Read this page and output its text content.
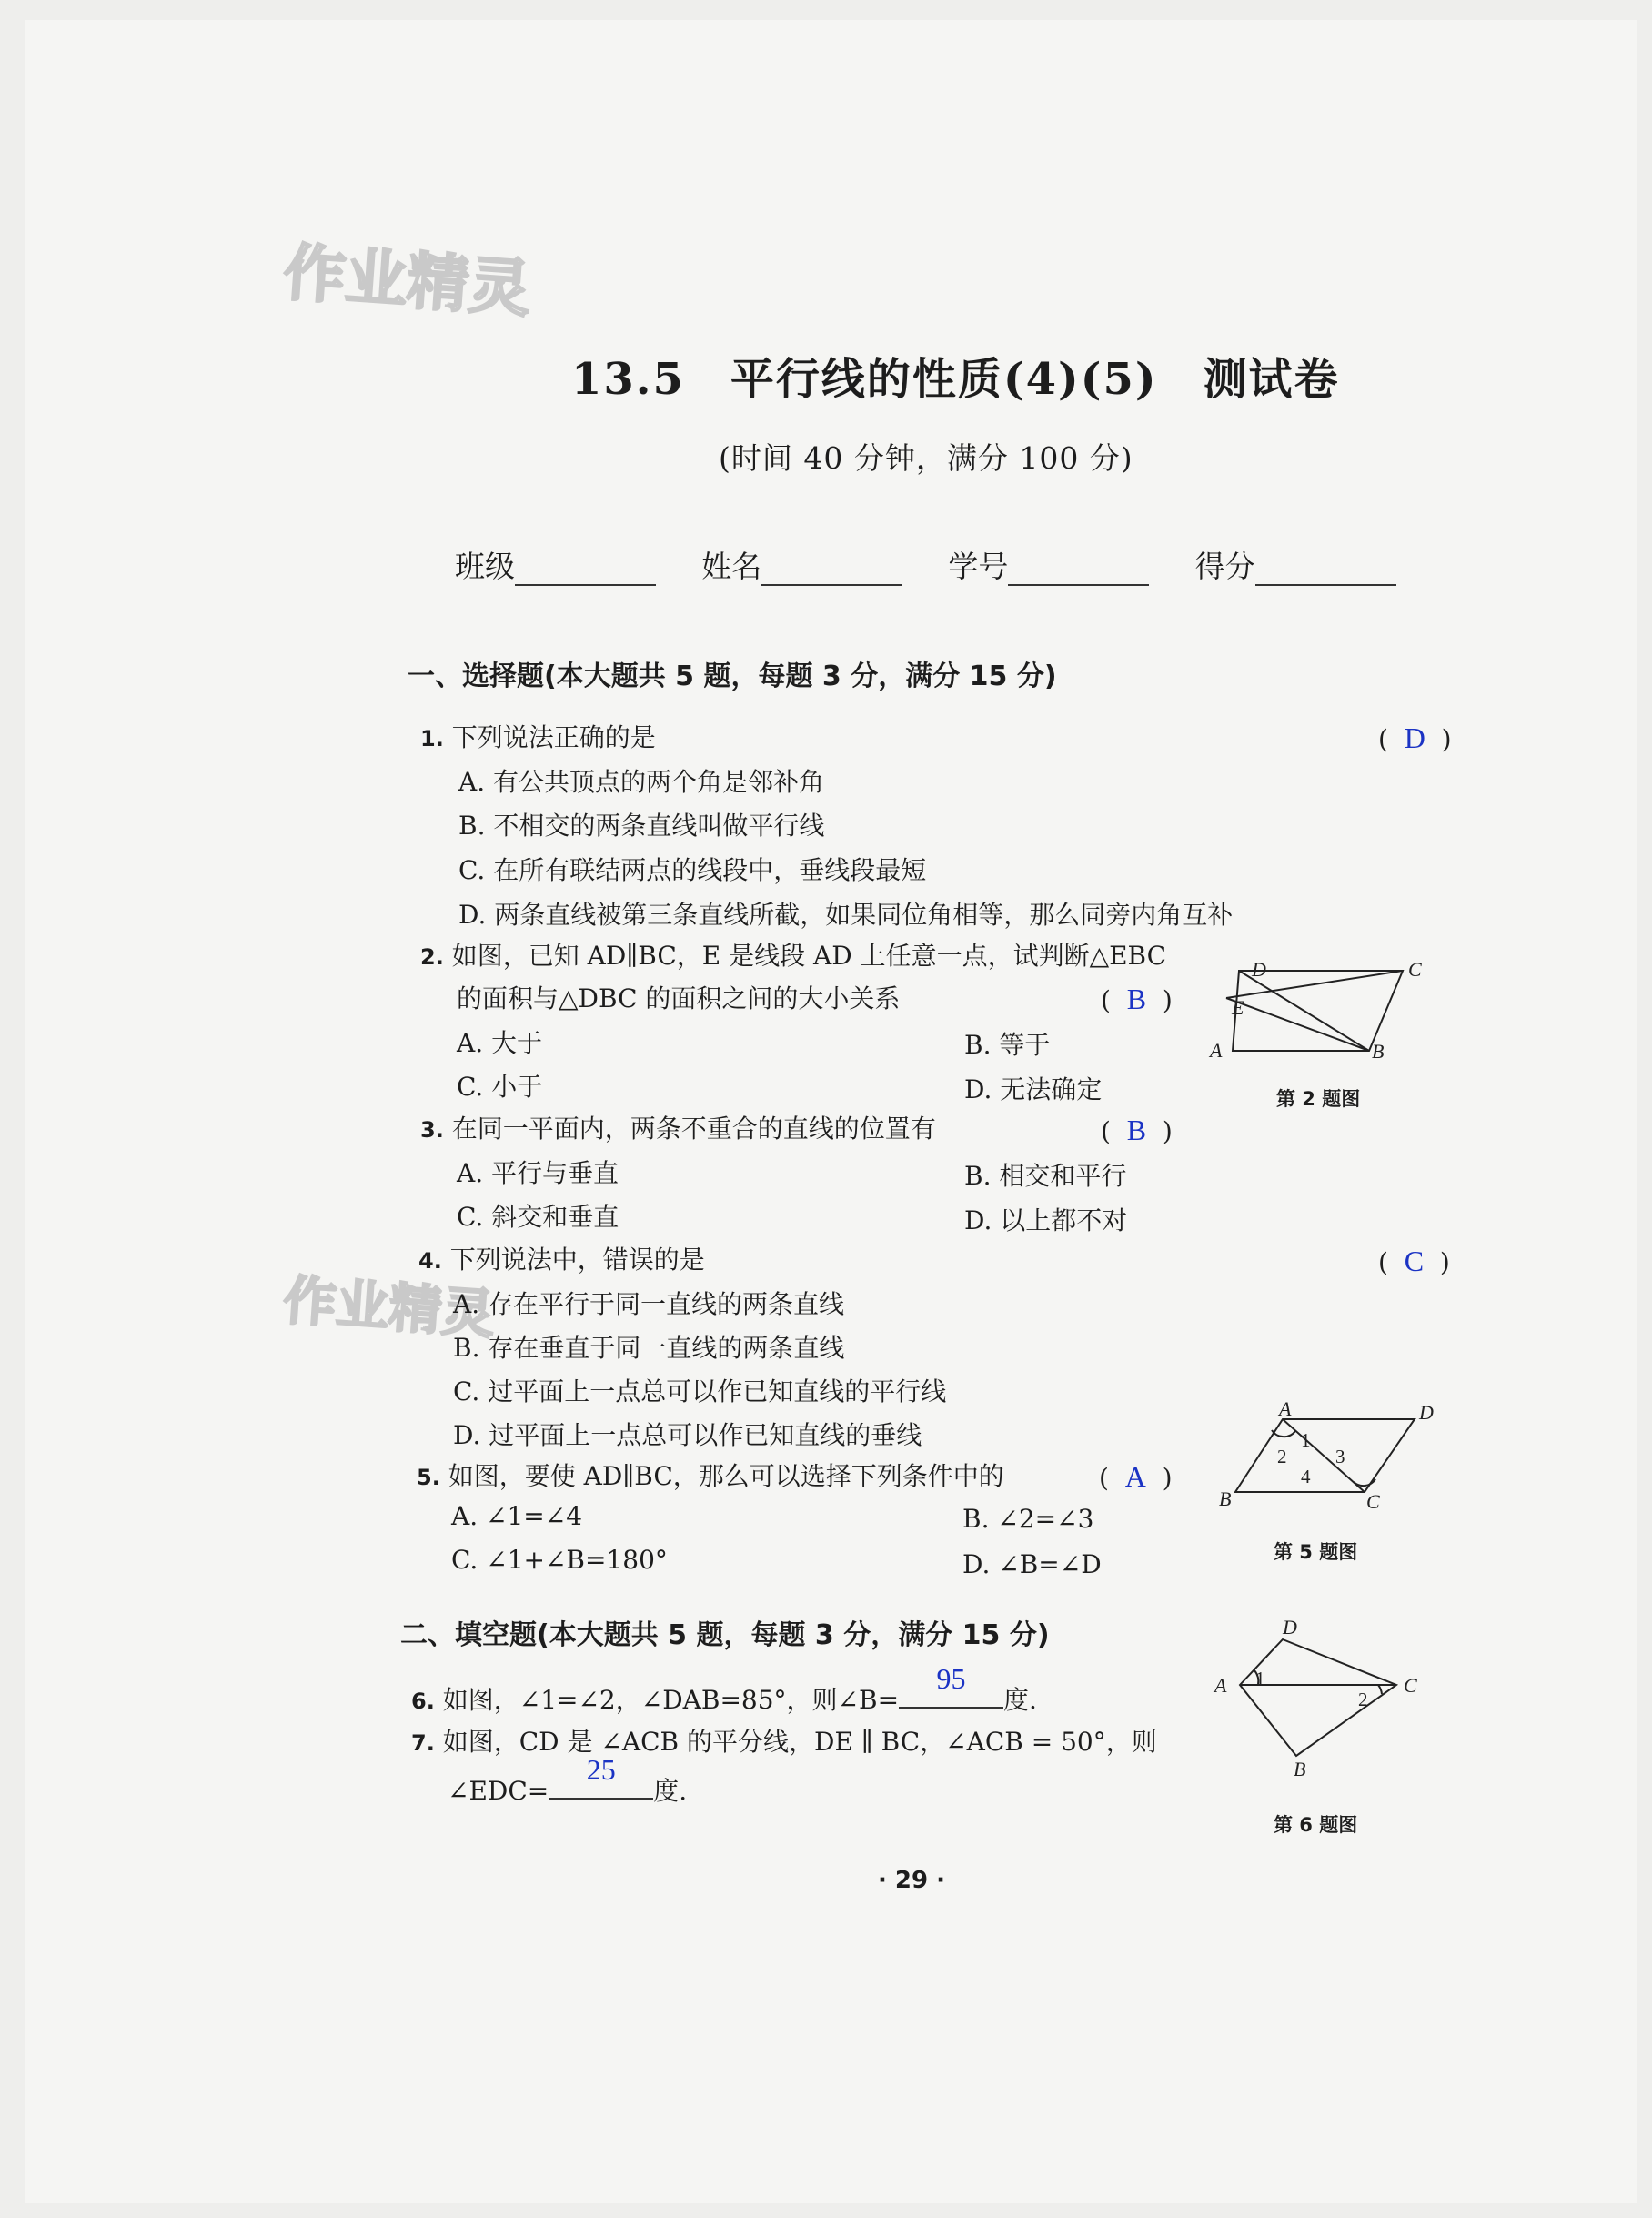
作业精灵
作业精灵
13.5　平行线的性质(4)(5)　测试卷
(时间 40 分钟，满分 100 分)
班级	姓名	学号	得分
一、选择题(本大题共 5 题，每题 3 分，满分 15 分)
1. 下列说法正确的是	(  D  )
A. 有公共顶点的两个角是邻补角
B. 不相交的两条直线叫做平行线
C. 在所有联结两点的线段中，垂线段最短
D. 两条直线被第三条直线所截，如果同位角相等，那么同旁内角互补
2. 如图，已知 AD∥BC，E 是线段 AD 上任意一点，试判断△EBC
的面积与△DBC 的面积之间的大小关系	(  B  )
A. 大于	B. 等于
C. 小于	D. 无法确定
3. 在同一平面内，两条不重合的直线的位置有	(  B  )
A. 平行与垂直	B. 相交和平行
C. 斜交和垂直	D. 以上都不对
4. 下列说法中，错误的是	(  C  )
A. 存在平行于同一直线的两条直线
B. 存在垂直于同一直线的两条直线
C. 过平面上一点总可以作已知直线的平行线
D. 过平面上一点总可以作已知直线的垂线
5. 如图，要使 AD∥BC，那么可以选择下列条件中的	(  A  )
A. ∠1=∠4	B. ∠2=∠3
C. ∠1+∠B=180°	D. ∠B=∠D
二、填空题(本大题共 5 题，每题 3 分，满分 15 分)
6. 如图，∠1=∠2，∠DAB=85°，则∠B=
95
度.
7. 如图，CD 是 ∠ACB 的平分线，DE ∥ BC，∠ACB = 50°，则
∠EDC=
25
度.
D	C
E
A	B
第 2 题图
A	D
B	C
1
2	3
4
第 5 题图
D
A	C
B
1
2
第 6 题图
· 29 ·
